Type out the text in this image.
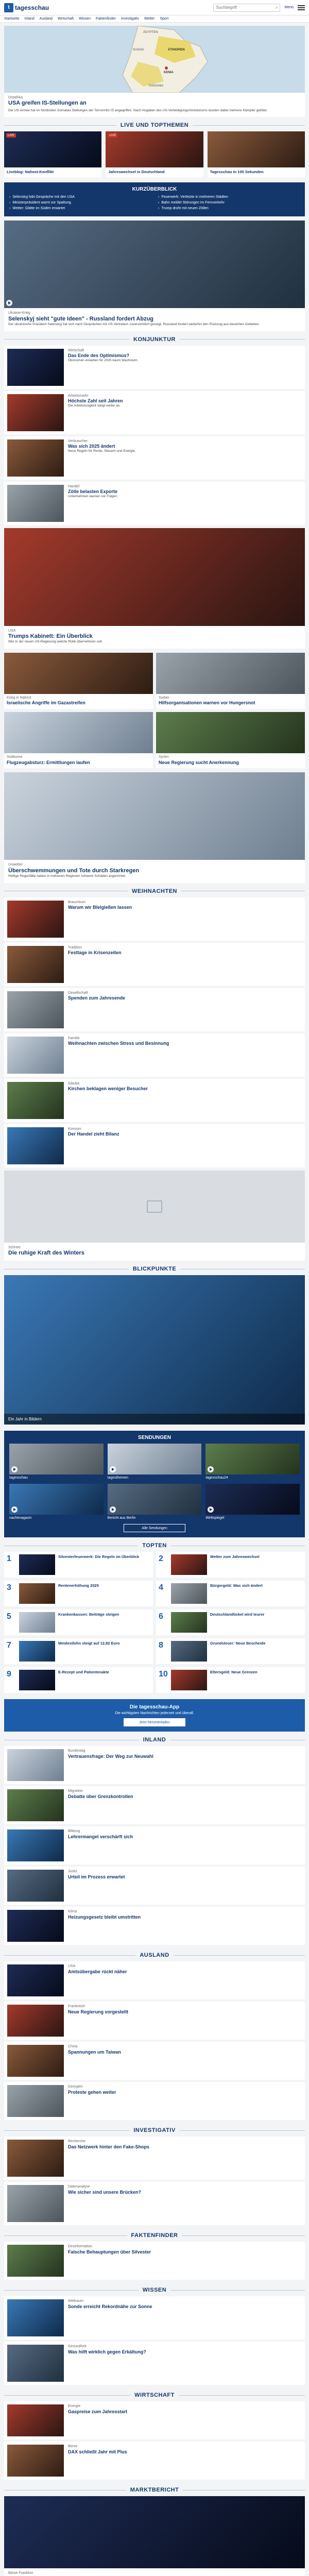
t tagesschau	Suchbegriff	⌕ Menü
Startseite Inland Ausland Wirtschaft Wissen Faktenfinder Investigativ Wetter Sport
ÄGYPTEN
SUDAN	ÄTHIOPIEN
KENIA
TANSANIA
Ostafrika
USA greifen IS-Stellungen an
Die US-Armee hat im Nordosten Somalias Stellungen der Terrormiliz IS angegriffen. Nach Angaben des US-Verteidigungsministeriums wurden dabei mehrere Kämpfer getötet.
LIVE UND TOPTHEMEN
LIVE
Liveblog: Nahost-Konflikt
LIVE
Jahreswechsel in Deutschland	Tagesschau in 100 Sekunden
KURZÜBERBLICK
› Selenskyj lobt Gespräche mit den USA	› Feuerwerk: Verletzte in mehreren Städten
› Ministerpräsident warnt vor Spaltung	› Bahn meldet Störungen im Fernverkehr
› Wetter: Glätte im Süden erwartet	› Trump droht mit neuen Zöllen
Ukraine-Krieg
Selenskyj sieht "gute Ideen" - Russland fordert Abzug
Der ukrainische Präsident Selenskyj hat sich nach Gesprächen mit US-Vertretern zuversichtlich gezeigt. Russland fordert weiterhin den Rückzug aus besetzten Gebieten.
KONJUNKTUR
Wirtschaft
Das Ende des Optimismus?
Ökonomen erwarten für 2025 kaum Wachstum.
Arbeitsmarkt
Höchste Zahl seit Jahren
Die Arbeitslosigkeit steigt weiter an.
Verbraucher
Was sich 2025 ändert
Neue Regeln für Rente, Steuern und Energie.
Handel
Zölle belasten Exporte
Unternehmen warnen vor Folgen.
USA
Trumps Kabinett: Ein Überblick
Wer in der neuen US-Regierung welche Rolle übernehmen soll.
Krieg in Nahost
Israelische Angriffe im Gazastreifen
Sudan
Hilfsorganisationen warnen vor Hungersnot
Südkorea
Flugzeugabsturz: Ermittlungen laufen
Syrien
Neue Regierung sucht Anerkennung
Unwetter
Überschwemmungen und Tote durch Starkregen
Heftige Regenfälle haben in mehreren Regionen schwere Schäden angerichtet.
WEIHNACHTEN
Brauchtum
Warum wir Bleigießen lassen
Tradition
Festtage in Krisenzeiten
Gesellschaft
Spenden zum Jahresende
Familie
Weihnachten zwischen Stress und Besinnung
Glaube
Kirchen beklagen weniger Besucher
Konsum
Der Handel zieht Bilanz
Schnee
Die ruhige Kraft des Winters
BLICKPUNKTE
Ein Jahr in Bildern
SENDUNGEN
tagesschau	tagesthemen	tagesschau24
nachtmagazin	Bericht aus Berlin	Weltspiegel
Alle Sendungen
TOPTEN
1	Silvesterfeuerwerk: Die Regeln im Überblick 2	Wetter zum Jahreswechsel
3	Rentenerhöhung 2025	4	Bürgergeld: Was sich ändert
5	Krankenkassen: Beiträge steigen	6	Deutschlandticket wird teurer
7	Mindestlohn steigt auf 12,82 Euro	8	Grundsteuer: Neue Bescheide
9	E-Rezept und Patientenakte	10	Elterngeld: Neue Grenzen
Die tagesschau-App
Die wichtigsten Nachrichten jederzeit und überall.
Jetzt herunterladen
INLAND
Bundestag
Vertrauensfrage: Der Weg zur Neuwahl
Migration
Debatte über Grenzkontrollen
Bildung
Lehrermangel verschärft sich
Justiz
Urteil im Prozess erwartet
Klima
Heizungsgesetz bleibt umstritten
AUSLAND
USA
Amtsübergabe rückt näher
Frankreich
Neue Regierung vorgestellt
China
Spannungen um Taiwan
Georgien
Proteste gehen weiter
INVESTIGATIV
Recherche
Das Netzwerk hinter den Fake-Shops
Datenanalyse
Wie sicher sind unsere Brücken?
FAKTENFINDER
Desinformation
Falsche Behauptungen über Silvester
WISSEN
Weltraum
Sonde erreicht Rekordnähe zur Sonne
Gesundheit
Was hilft wirklich gegen Erkältung?
WIRTSCHAFT
Energie
Gaspreise zum Jahresstart
Börse
DAX schließt Jahr mit Plus
MARKTBERICHT
Börse Frankfurt
